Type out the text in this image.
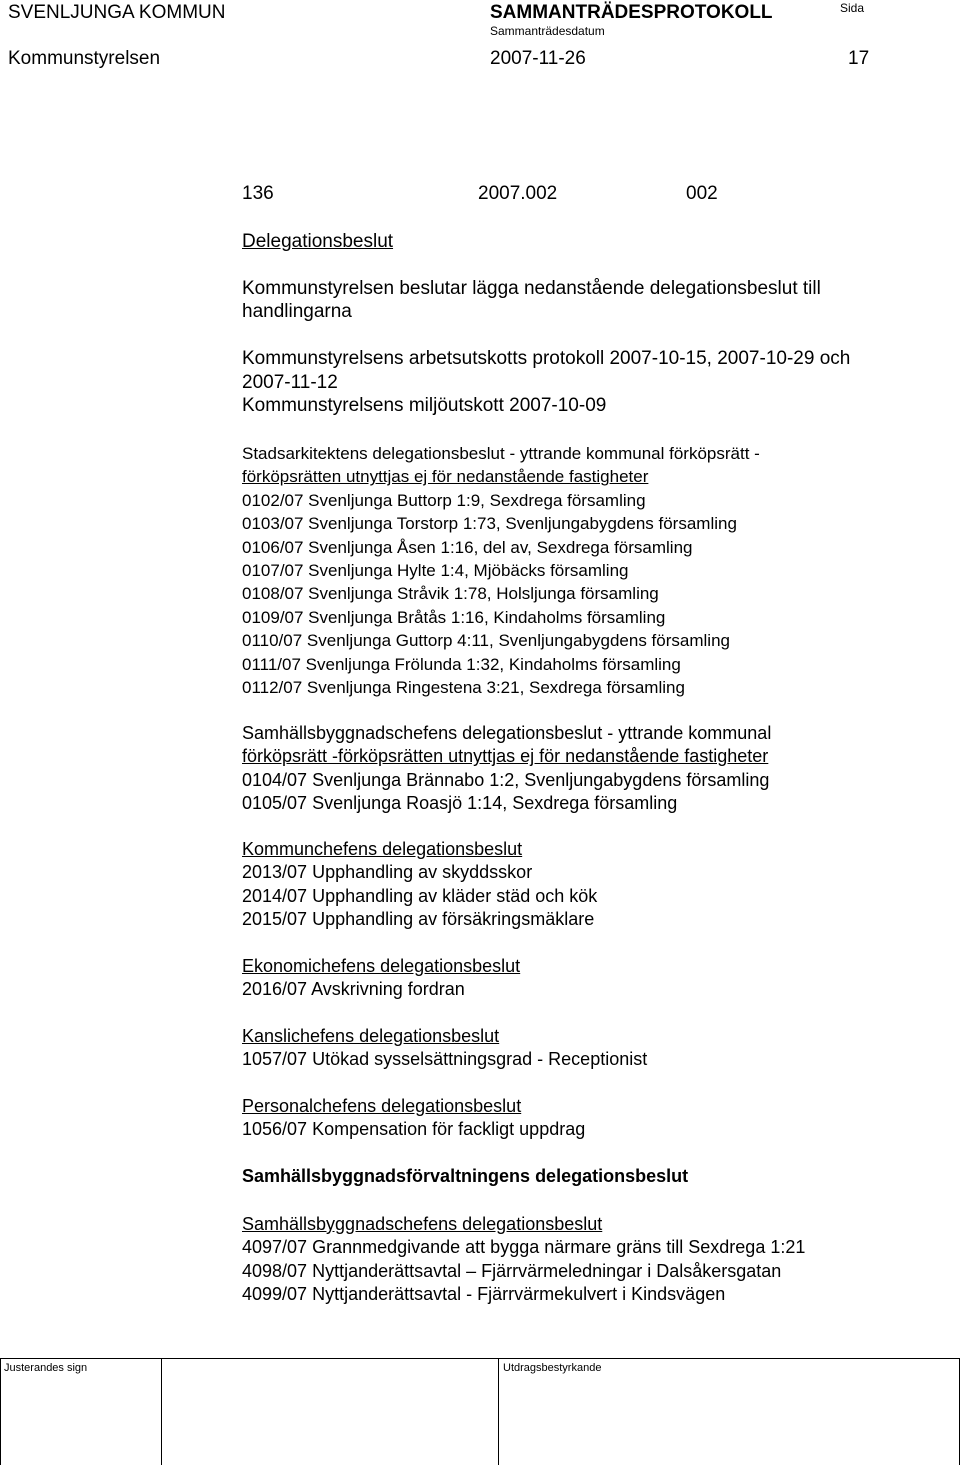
SVENLJUNGA KOMMUN	SAMMANTRÄDESPROTOKOLL	Sida
Sammanträdesdatum
Kommunstyrelsen	2007-11-26	17
136	2007.002	002
Delegationsbeslut
Kommunstyrelsen beslutar lägga nedanstående delegationsbeslut till
handlingarna
Kommunstyrelsens arbetsutskotts protokoll 2007-10-15, 2007-10-29 och
2007-11-12
Kommunstyrelsens miljöutskott 2007-10-09
Stadsarkitektens delegationsbeslut - yttrande kommunal förköpsrätt -
förköpsrätten utnyttjas ej för nedanstående fastigheter
0102/07 Svenljunga Buttorp 1:9, Sexdrega församling
0103/07 Svenljunga Torstorp 1:73, Svenljungabygdens församling
0106/07 Svenljunga Åsen 1:16, del av, Sexdrega församling
0107/07 Svenljunga Hylte 1:4, Mjöbäcks församling
0108/07 Svenljunga Stråvik 1:78, Holsljunga församling
0109/07 Svenljunga Bråtås 1:16, Kindaholms församling
0110/07 Svenljunga Guttorp 4:11, Svenljungabygdens församling
0111/07 Svenljunga Frölunda 1:32, Kindaholms församling
0112/07 Svenljunga Ringestena 3:21, Sexdrega församling
Samhällsbyggnadschefens delegationsbeslut - yttrande kommunal
förköpsrätt -förköpsrätten utnyttjas ej för nedanstående fastigheter
0104/07 Svenljunga Brännabo 1:2, Svenljungabygdens församling
0105/07 Svenljunga Roasjö 1:14, Sexdrega församling
Kommunchefens delegationsbeslut
2013/07 Upphandling av skyddsskor
2014/07 Upphandling av kläder städ och kök
2015/07 Upphandling av försäkringsmäklare
Ekonomichefens delegationsbeslut
2016/07 Avskrivning fordran
Kanslichefens delegationsbeslut
1057/07 Utökad sysselsättningsgrad - Receptionist
Personalchefens delegationsbeslut
1056/07 Kompensation för fackligt uppdrag
Samhällsbyggnadsförvaltningens delegationsbeslut
Samhällsbyggnadschefens delegationsbeslut
4097/07 Grannmedgivande att bygga närmare gräns till Sexdrega 1:21
4098/07 Nyttjanderättsavtal – Fjärrvärmeledningar i Dalsåkersgatan
4099/07 Nyttjanderättsavtal - Fjärrvärmekulvert i Kindsvägen
Justerandes sign	Utdragsbestyrkande
